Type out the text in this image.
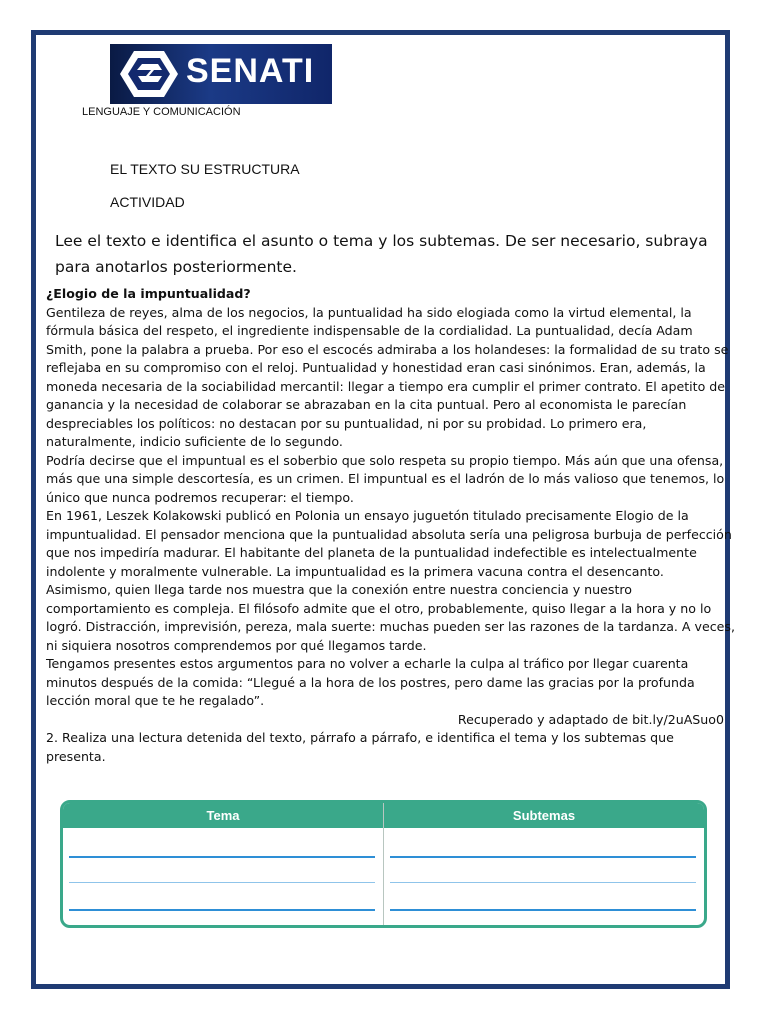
SENATI
LENGUAJE Y COMUNICACIÓN
EL TEXTO SU ESTRUCTURA
ACTIVIDAD
Lee el texto e identifica el asunto o tema y los subtemas. De ser necesario, subraya para anotarlos posteriormente.

¿Elogio de la impuntualidad?

Gentileza de reyes, alma de los negocios, la puntualidad ha sido elogiada como la virtud elemental, la fórmula básica del respeto, el ingrediente indispensable de la cordialidad. La puntualidad, decía Adam Smith, pone la palabra a prueba. Por eso el escocés admiraba a los holandeses: la formalidad de su trato se reflejaba en su compromiso con el reloj. Puntualidad y honestidad eran casi sinónimos. Eran, además, la moneda necesaria de la sociabilidad mercantil: llegar a tiempo era cumplir el primer contrato. El apetito de ganancia y la necesidad de colaborar se abrazaban en la cita puntual. Pero al economista le parecían despreciables los políticos: no destacan por su puntualidad, ni por su probidad. Lo primero era, naturalmente, indicio suficiente de lo segundo.

Podría decirse que el impuntual es el soberbio que solo respeta su propio tiempo. Más aún que una ofensa, más que una simple descortesía, es un crimen. El impuntual es el ladrón de lo más valioso que tenemos, lo único que nunca podremos recuperar: el tiempo.

En 1961, Leszek Kolakowski publicó en Polonia un ensayo juguetón titulado precisamente Elogio de la impuntualidad. El pensador menciona que la puntualidad absoluta sería una peligrosa burbuja de perfección que nos impediría madurar. El habitante del planeta de la puntualidad indefectible es intelectualmente indolente y moralmente vulnerable. La impuntualidad es la primera vacuna contra el desencanto.

Asimismo, quien llega tarde nos muestra que la conexión entre nuestra conciencia y nuestro comportamiento es compleja. El filósofo admite que el otro, probablemente, quiso llegar a la hora y no lo logró. Distracción, imprevisión, pereza, mala suerte: muchas pueden ser las razones de la tardanza. A veces, ni siquiera nosotros comprendemos por qué llegamos tarde.

Tengamos presentes estos argumentos para no volver a echarle la culpa al tráfico por llegar cuarenta minutos después de la comida: “Llegué a la hora de los postres, pero dame las gracias por la profunda lección moral que te he regalado”.

Recuperado y adaptado de bit.ly/2uASuo0

2. Realiza una lectura detenida del texto, párrafo a párrafo, e identifica el tema y los subtemas que presenta.

Tema	Subtemas
